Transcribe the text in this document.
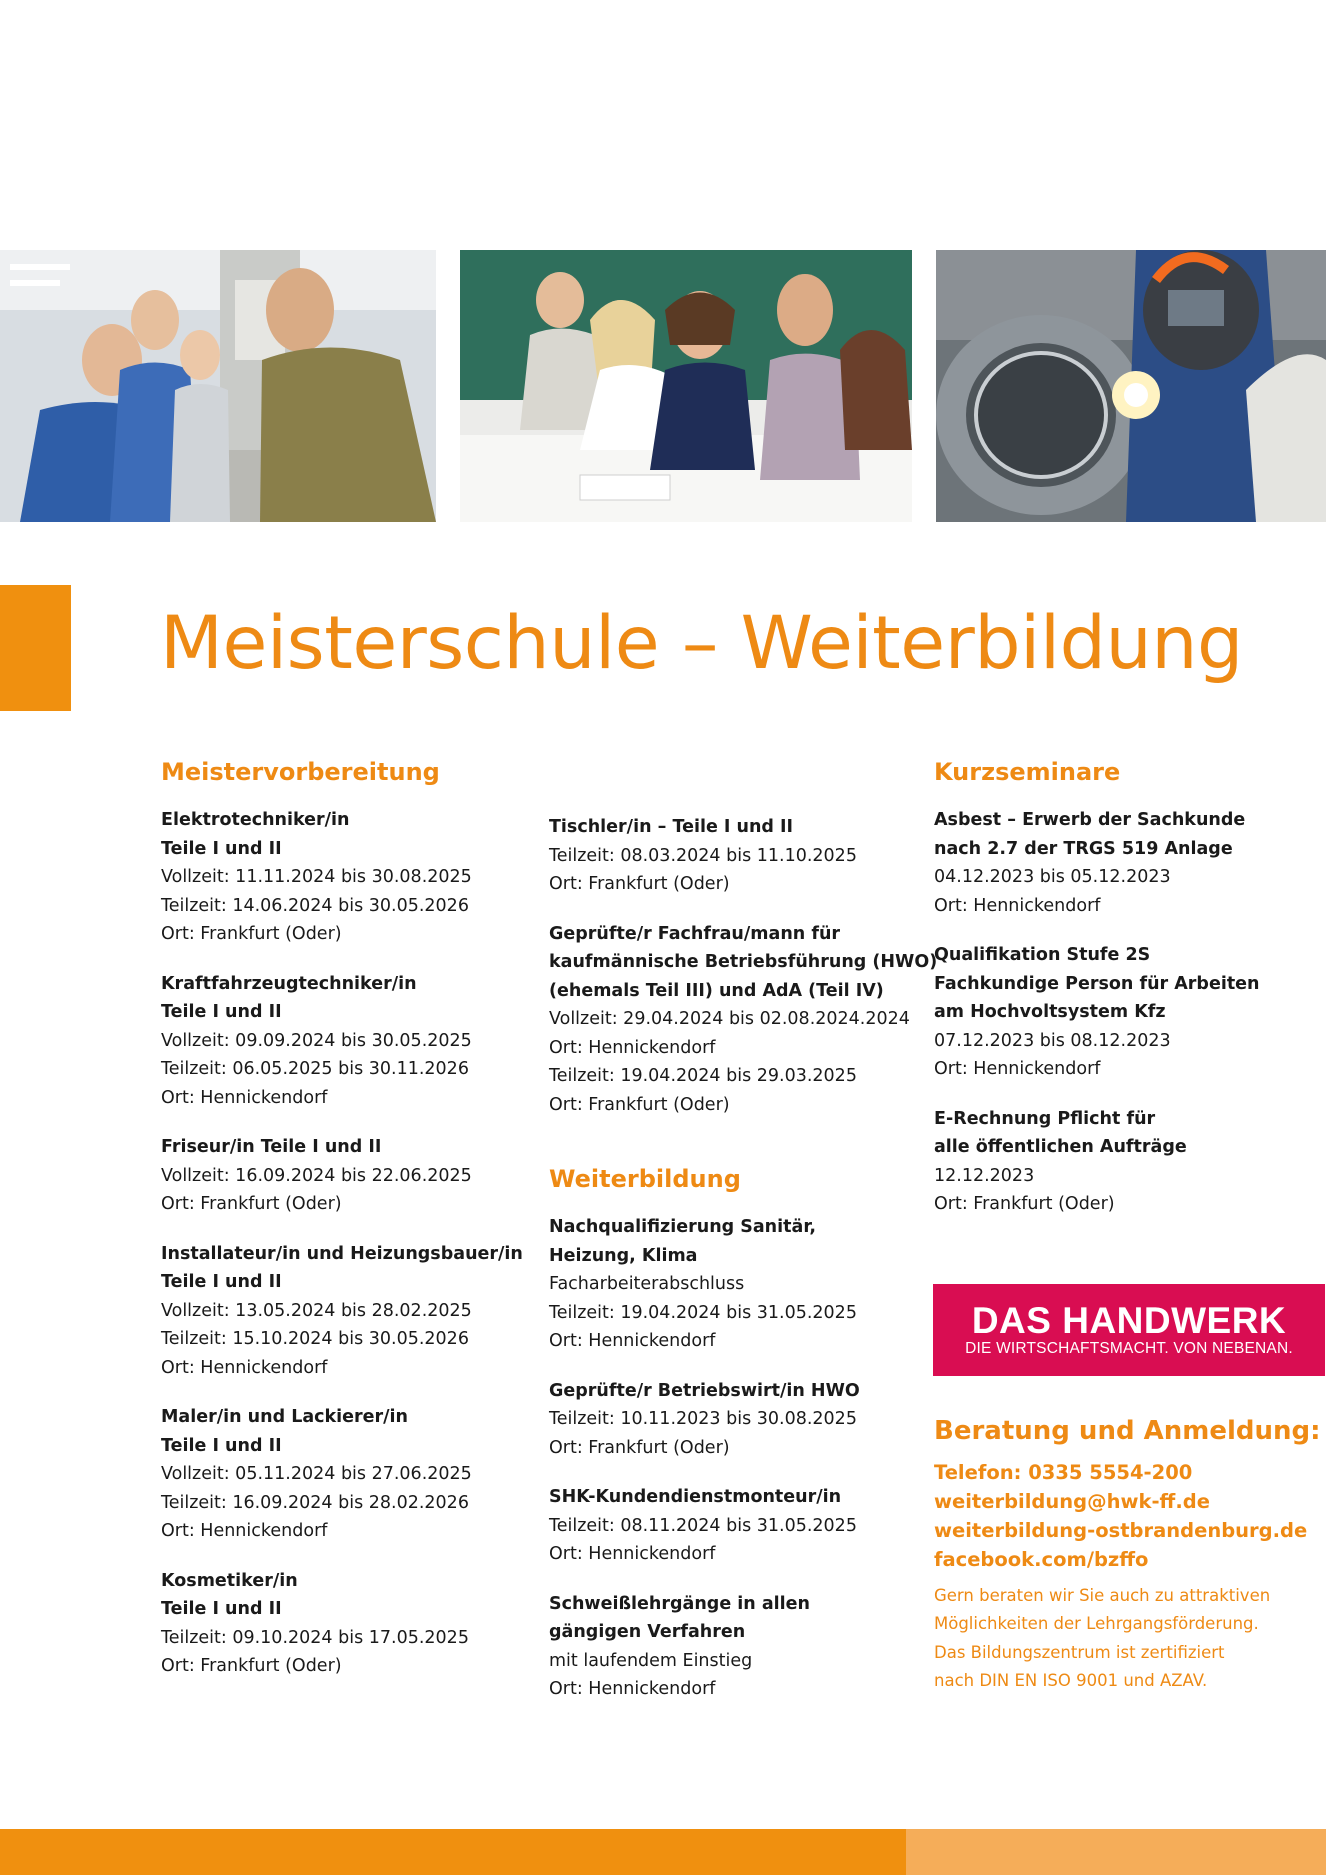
Meisterschule – Weiterbildung
Meistervorbereitung
Elektrotechniker/in
Teile I und II
Vollzeit: 11.11.2024 bis 30.08.2025
Teilzeit: 14.06.2024 bis 30.05.2026
Ort: Frankfurt (Oder)
Kraftfahrzeugtechniker/in
Teile I und II
Vollzeit: 09.09.2024 bis 30.05.2025
Teilzeit: 06.05.2025 bis 30.11.2026
Ort: Hennickendorf
Friseur/in Teile I und II
Vollzeit: 16.09.2024 bis 22.06.2025
Ort: Frankfurt (Oder)
Installateur/in und Heizungsbauer/in
Teile I und II
Vollzeit: 13.05.2024 bis 28.02.2025
Teilzeit: 15.10.2024 bis 30.05.2026
Ort: Hennickendorf
Maler/in und Lackierer/in
Teile I und II
Vollzeit: 05.11.2024 bis 27.06.2025
Teilzeit: 16.09.2024 bis 28.02.2026
Ort: Hennickendorf
Kosmetiker/in
Teile I und II
Teilzeit: 09.10.2024 bis 17.05.2025
Ort: Frankfurt (Oder)
Tischler/in – Teile I und II
Teilzeit: 08.03.2024 bis 11.10.2025
Ort: Frankfurt (Oder)
Geprüfte/r Fachfrau/mann für
kaufmännische Betriebsführung (HWO)
(ehemals Teil III) und AdA (Teil IV)
Vollzeit: 29.04.2024 bis 02.08.2024.2024
Ort: Hennickendorf
Teilzeit: 19.04.2024 bis 29.03.2025
Ort: Frankfurt (Oder)
Weiterbildung
Nachqualifizierung Sanitär,
Heizung, Klima
Facharbeiterabschluss
Teilzeit: 19.04.2024 bis 31.05.2025
Ort: Hennickendorf
Geprüfte/r Betriebswirt/in HWO
Teilzeit: 10.11.2023 bis 30.08.2025
Ort: Frankfurt (Oder)
SHK-Kundendienstmonteur/in
Teilzeit: 08.11.2024 bis 31.05.2025
Ort: Hennickendorf
Schweißlehrgänge in allen
gängigen Verfahren
mit laufendem Einstieg
Ort: Hennickendorf
Kurzseminare
Asbest – Erwerb der Sachkunde
nach 2.7 der TRGS 519 Anlage
04.12.2023 bis 05.12.2023
Ort: Hennickendorf
Qualifikation Stufe 2S
Fachkundige Person für Arbeiten
am Hochvoltsystem Kfz
07.12.2023 bis 08.12.2023
Ort: Hennickendorf
E-Rechnung Pflicht für
alle öffentlichen Aufträge
12.12.2023
Ort: Frankfurt (Oder)
DAS HANDWERK
DIE WIRTSCHAFTSMACHT. VON NEBENAN.
Beratung und Anmeldung:
Telefon: 0335 5554-200
weiterbildung@hwk-ff.de
weiterbildung-ostbrandenburg.de
facebook.com/bzffo
Gern beraten wir Sie auch zu attraktiven
Möglichkeiten der Lehrgangsförderung.
Das Bildungszentrum ist zertifiziert
nach DIN EN ISO 9001 und AZAV.
